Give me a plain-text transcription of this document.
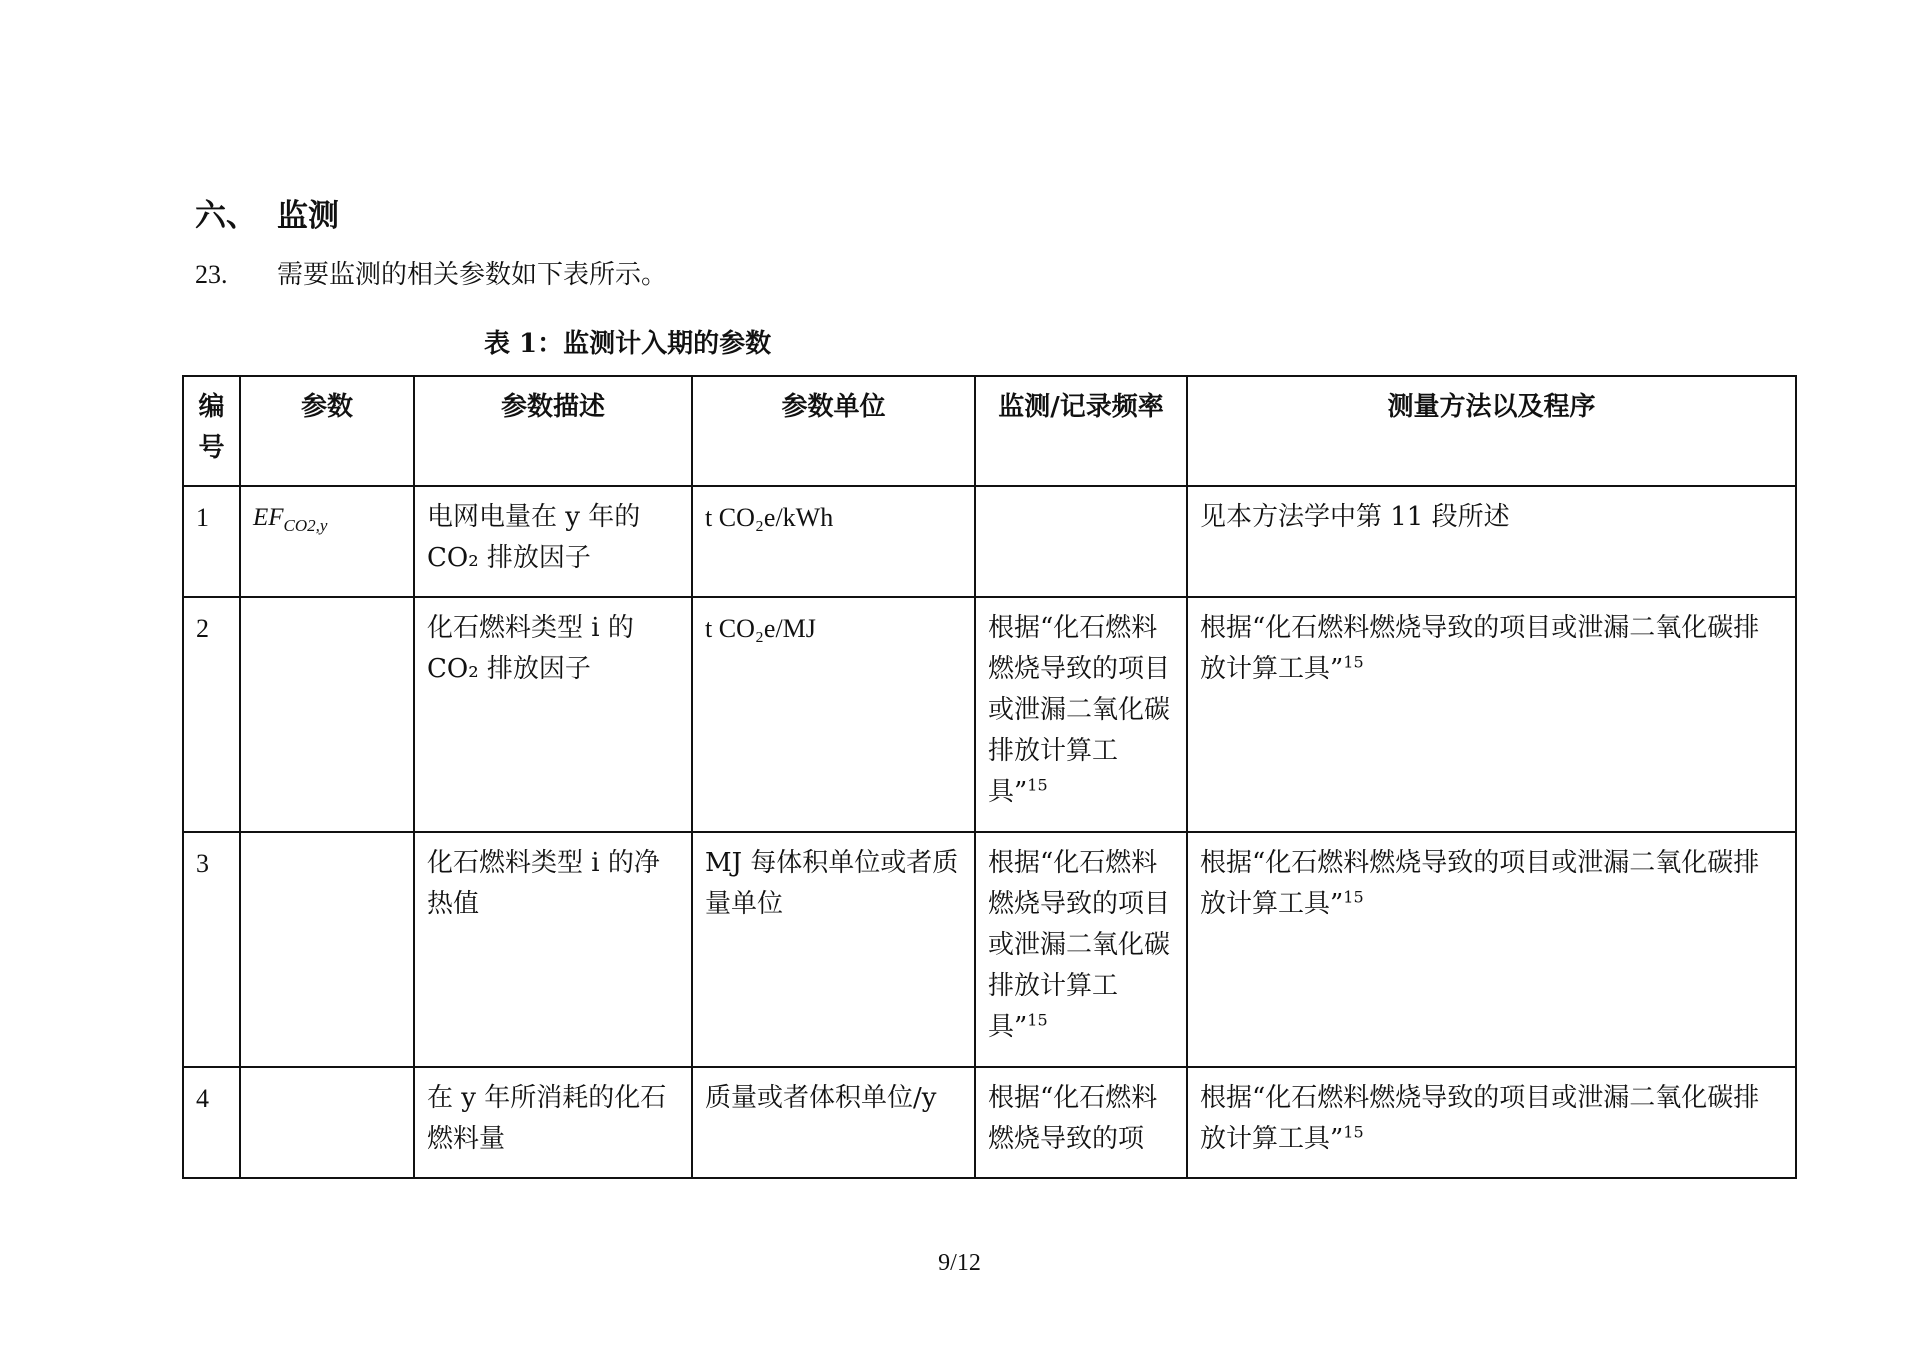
六、 监测
23. 需要监测的相关参数如下表所示。
表 1：监测计入期的参数
编号	参数	参数描述	参数单位	监测/记录频率	测量方法以及程序
1	$EF_{CO2,y}$	电网电量在 y 年的 CO₂ 排放因子	t CO₂e/kWh		见本方法学中第 11 段所述
2		化石燃料类型 i 的 CO₂ 排放因子	t CO₂e/MJ	根据“化石燃料燃烧导致的项目或泄漏二氧化碳排放计算工具”$^{15}$	根据“化石燃料燃烧导致的项目或泄漏二氧化碳排放计算工具”$^{15}$
3		化石燃料类型 i 的净热值	MJ 每体积单位或者质量单位	根据“化石燃料燃烧导致的项目或泄漏二氧化碳排放计算工具”$^{15}$	根据“化石燃料燃烧导致的项目或泄漏二氧化碳排放计算工具”$^{15}$
4		在 y 年所消耗的化石燃料量	质量或者体积单位/y	根据“化石燃料燃烧导致的项	根据“化石燃料燃烧导致的项目或泄漏二氧化碳排放计算工具”$^{15}$
9/12
